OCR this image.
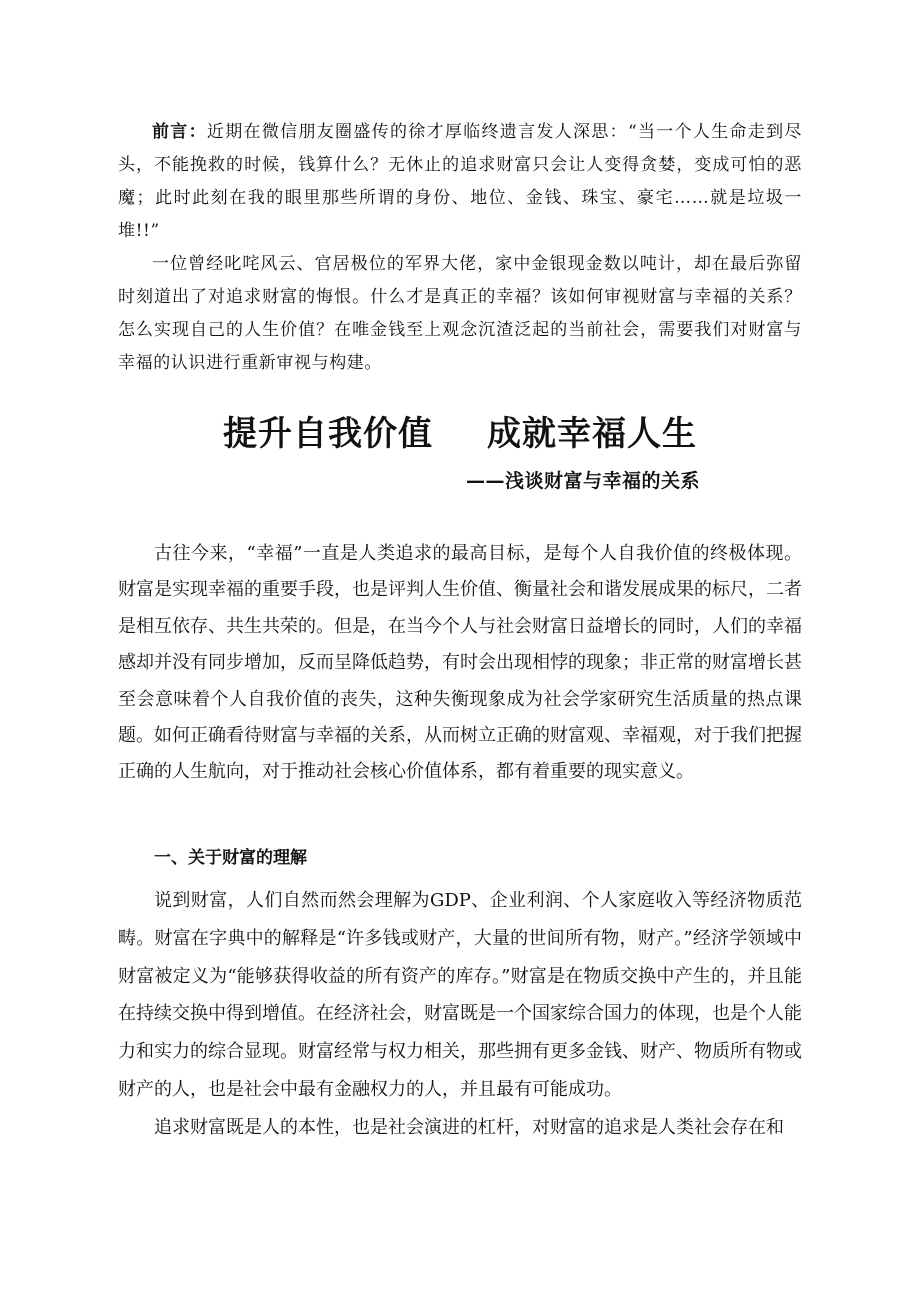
前言：近期在微信朋友圈盛传的徐才厚临终遗言发人深思：“当一个人生命走到尽头，不能挽救的时候，钱算什么？无休止的追求财富只会让人变得贪婪，变成可怕的恶魔；此时此刻在我的眼里那些所谓的身份、地位、金钱、珠宝、豪宅……就是垃圾一堆!!”

一位曾经叱咤风云、官居极位的军界大佬，家中金银现金数以吨计，却在最后弥留时刻道出了对追求财富的悔恨。什么才是真正的幸福？该如何审视财富与幸福的关系？怎么实现自己的人生价值？在唯金钱至上观念沉渣泛起的当前社会，需要我们对财富与幸福的认识进行重新审视与构建。

提升自我价值 成就幸福人生
——浅谈财富与幸福的关系

古往今来，“幸福”一直是人类追求的最高目标，是每个人自我价值的终极体现。财富是实现幸福的重要手段，也是评判人生价值、衡量社会和谐发展成果的标尺，二者是相互依存、共生共荣的。但是，在当今个人与社会财富日益增长的同时，人们的幸福感却并没有同步增加，反而呈降低趋势，有时会出现相悖的现象；非正常的财富增长甚至会意味着个人自我价值的丧失，这种失衡现象成为社会学家研究生活质量的热点课题。如何正确看待财富与幸福的关系，从而树立正确的财富观、幸福观，对于我们把握正确的人生航向，对于推动社会核心价值体系，都有着重要的现实意义。

一、关于财富的理解

说到财富，人们自然而然会理解为GDP、企业利润、个人家庭收入等经济物质范畴。财富在字典中的解释是“许多钱或财产，大量的世间所有物，财产。”经济学领域中财富被定义为“能够获得收益的所有资产的库存。”财富是在物质交换中产生的，并且能在持续交换中得到增值。在经济社会，财富既是一个国家综合国力的体现，也是个人能力和实力的综合显现。财富经常与权力相关，那些拥有更多金钱、财产、物质所有物或财产的人，也是社会中最有金融权力的人，并且最有可能成功。

追求财富既是人的本性，也是社会演进的杠杆，对财富的追求是人类社会存在和
